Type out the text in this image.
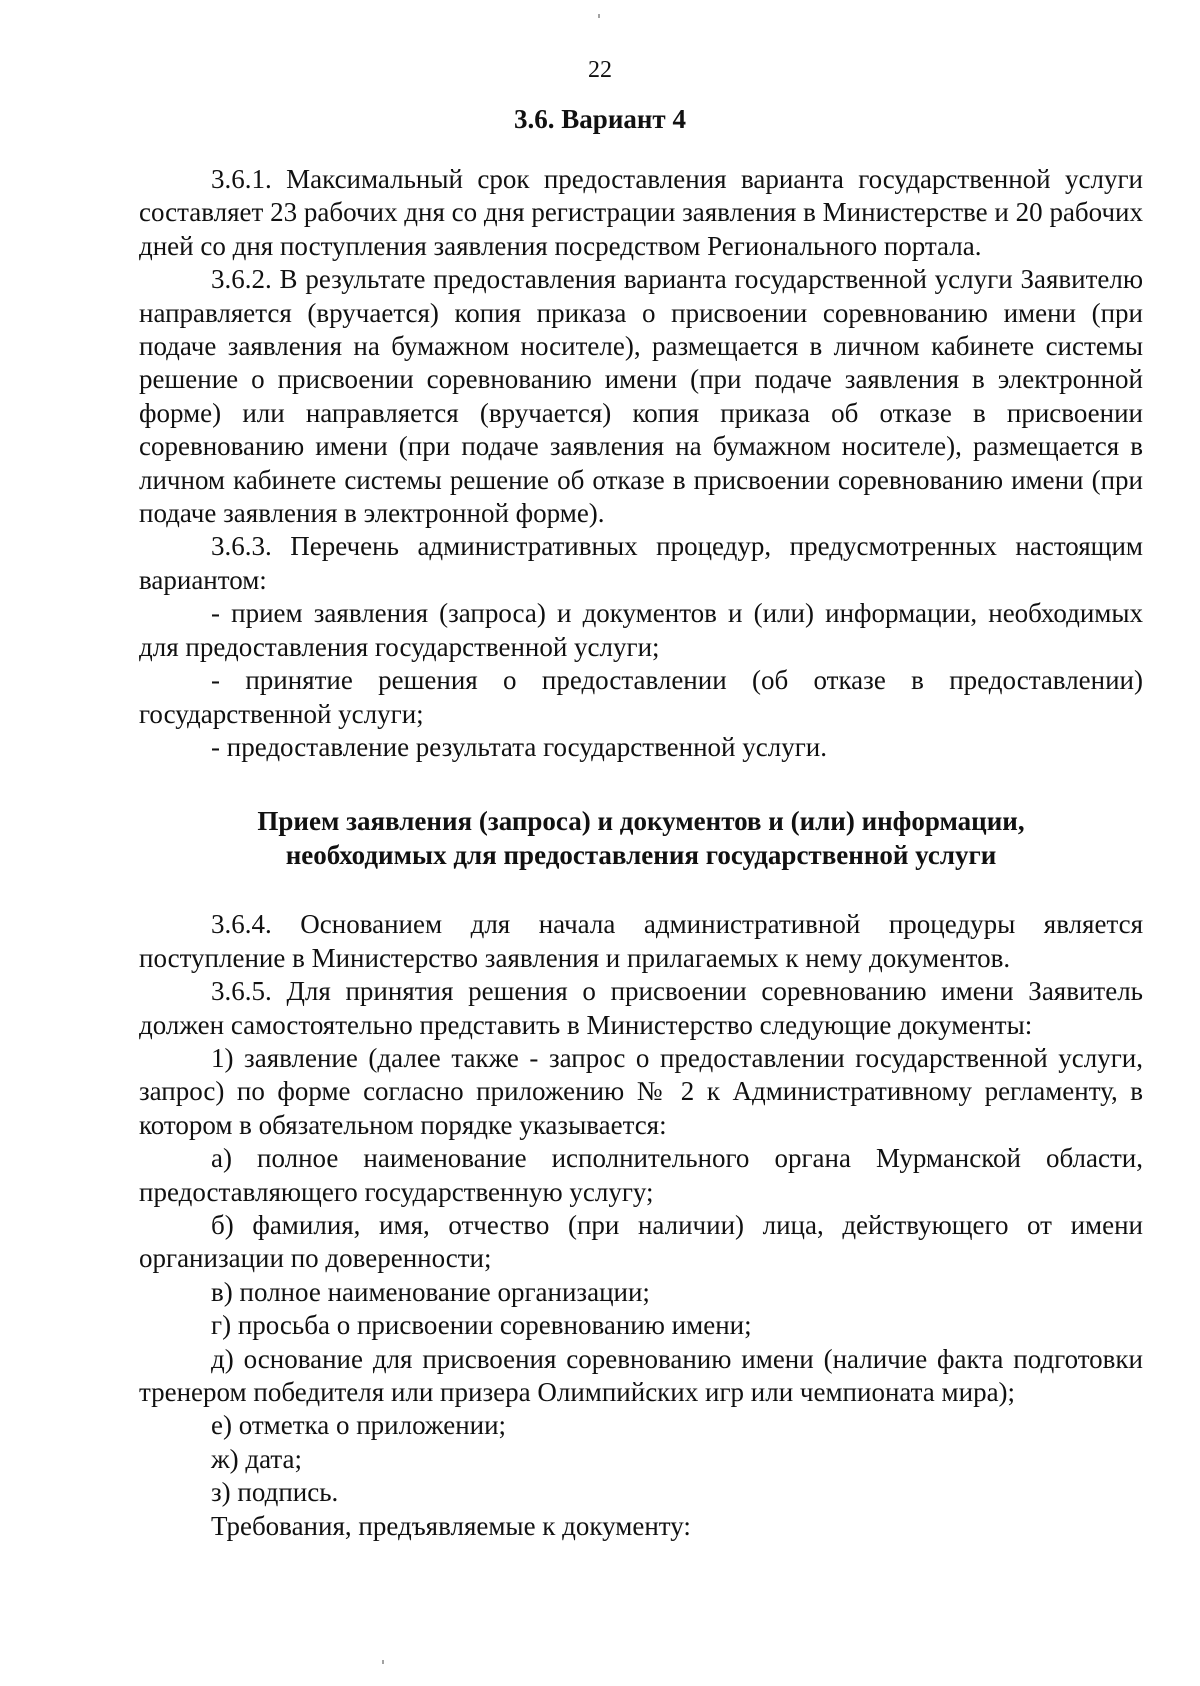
22
3.6. Вариант 4

3.6.1. Максимальный срок предоставления варианта государственной услуги составляет 23 рабочих дня со дня регистрации заявления в Министерстве и 20 рабочих дней со дня поступления заявления посредством Регионального портала.

3.6.2. В результате предоставления варианта государственной услуги Заявителю направляется (вручается) копия приказа о присвоении соревнованию имени (при подаче заявления на бумажном носителе), размещается в личном кабинете системы решение о присвоении соревнованию имени (при подаче заявления в электронной форме) или направляется (вручается) копия приказа об отказе в присвоении соревнованию имени (при подаче заявления на бумажном носителе), размещается в личном кабинете системы решение об отказе в присвоении соревнованию имени (при подаче заявления в электронной форме).

3.6.3. Перечень административных процедур, предусмотренных настоящим вариантом:

- прием заявления (запроса) и документов и (или) информации, необходимых для предоставления государственной услуги;

- принятие решения о предоставлении (об отказе в предоставлении) государственной услуги;

- предоставление результата государственной услуги.

Прием заявления (запроса) и документов и (или) информации,
необходимых для предоставления государственной услуги

3.6.4. Основанием для начала административной процедуры является поступление в Министерство заявления и прилагаемых к нему документов.

3.6.5. Для принятия решения о присвоении соревнованию имени Заявитель должен самостоятельно представить в Министерство следующие документы:

1) заявление (далее также - запрос о предоставлении государственной услуги, запрос) по форме согласно приложению № 2 к Административному регламенту, в котором в обязательном порядке указывается:

а) полное наименование исполнительного органа Мурманской области, предоставляющего государственную услугу;

б) фамилия, имя, отчество (при наличии) лица, действующего от имени организации по доверенности;

в) полное наименование организации;

г) просьба о присвоении соревнованию имени;

д) основание для присвоения соревнованию имени (наличие факта подготовки тренером победителя или призера Олимпийских игр или чемпионата мира);

е) отметка о приложении;

ж) дата;

з) подпись.

Требования, предъявляемые к документу:
